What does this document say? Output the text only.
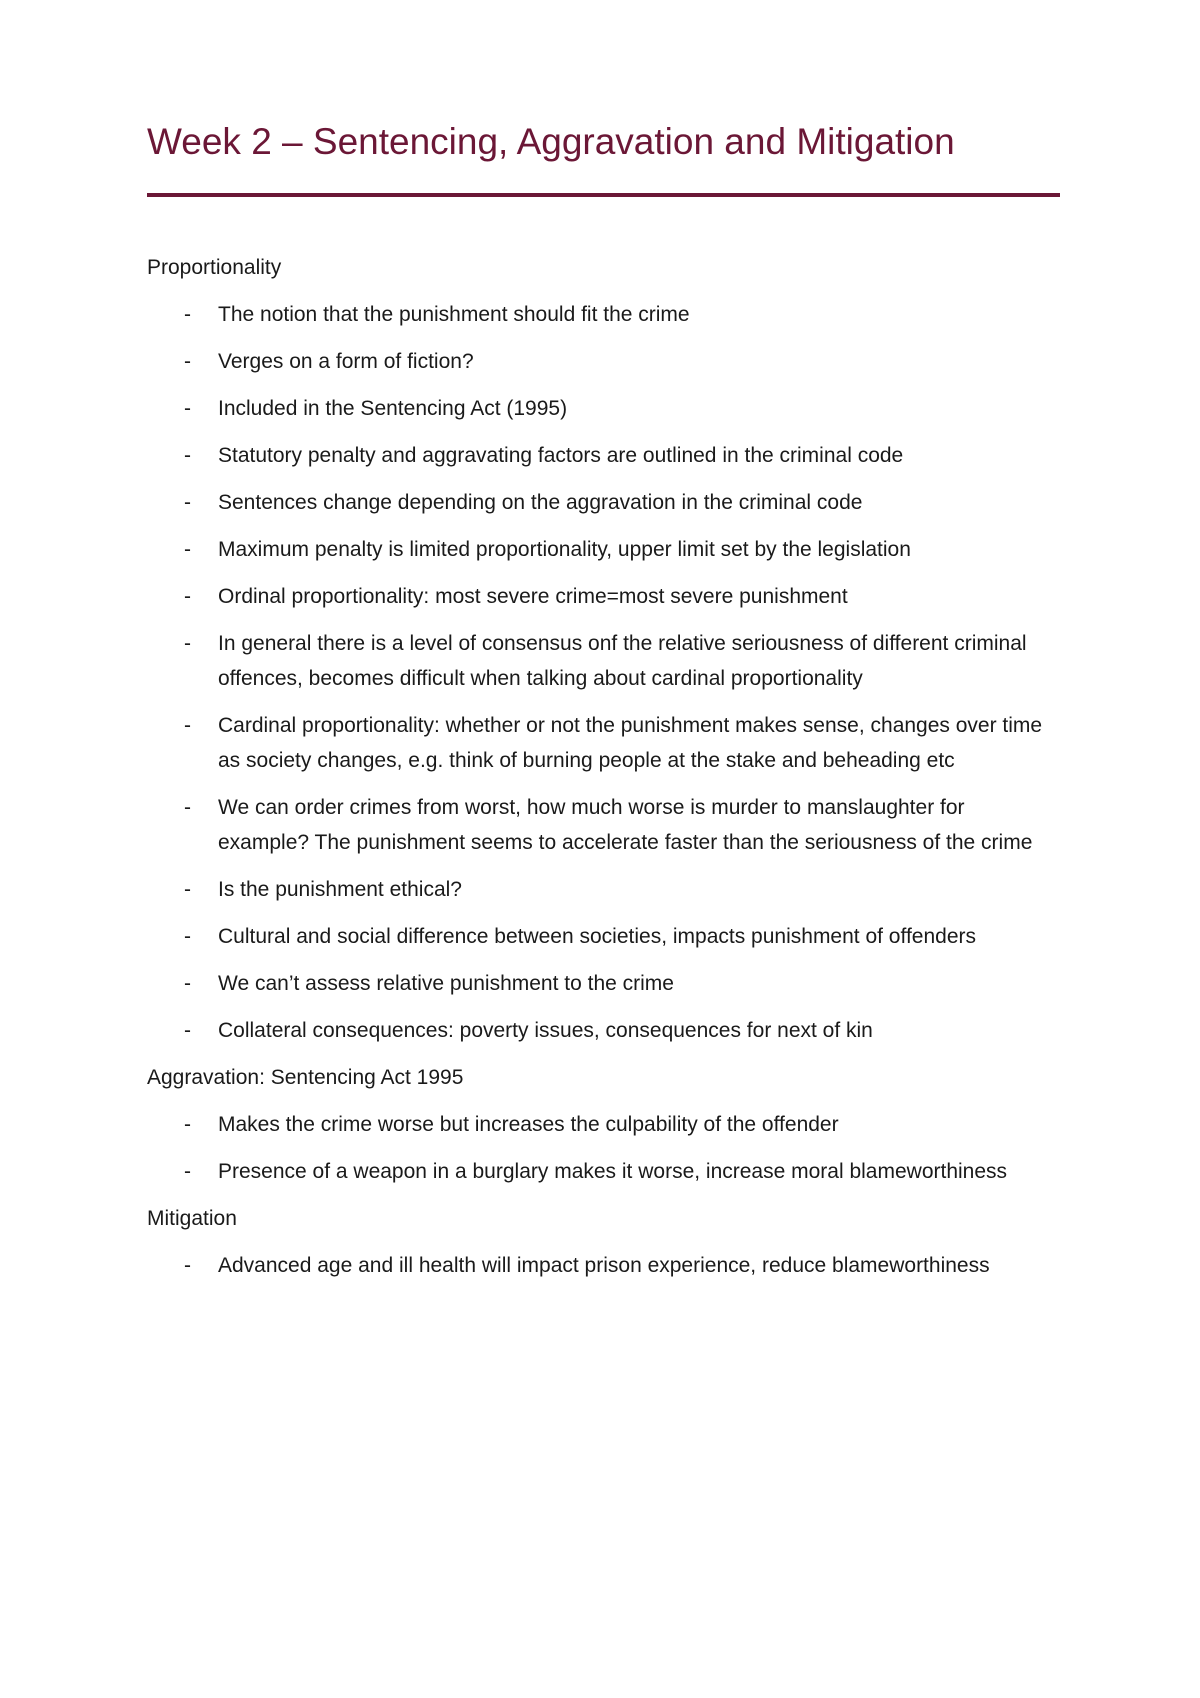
Week 2 – Sentencing, Aggravation and Mitigation
Proportionality
-	The notion that the punishment should fit the crime
-	Verges on a form of fiction?
-	Included in the Sentencing Act (1995)
-	Statutory penalty and aggravating factors are outlined in the criminal code
-	Sentences change depending on the aggravation in the criminal code
-	Maximum penalty is limited proportionality, upper limit set by the legislation
-	Ordinal proportionality: most severe crime=most severe punishment
-	In general there is a level of consensus onf the relative seriousness of different criminal offences, becomes difficult when talking about cardinal proportionality
-	Cardinal proportionality: whether or not the punishment makes sense, changes over time as society changes, e.g. think of burning people at the stake and beheading etc
-	We can order crimes from worst, how much worse is murder to manslaughter for example? The punishment seems to accelerate faster than the seriousness of the crime
-	Is the punishment ethical?
-	Cultural and social difference between societies, impacts punishment of offenders
-	We can’t assess relative punishment to the crime
-	Collateral consequences: poverty issues, consequences for next of kin
Aggravation: Sentencing Act 1995
-	Makes the crime worse but increases the culpability of the offender
-	Presence of a weapon in a burglary makes it worse, increase moral blameworthiness
Mitigation
-	Advanced age and ill health will impact prison experience, reduce blameworthiness
